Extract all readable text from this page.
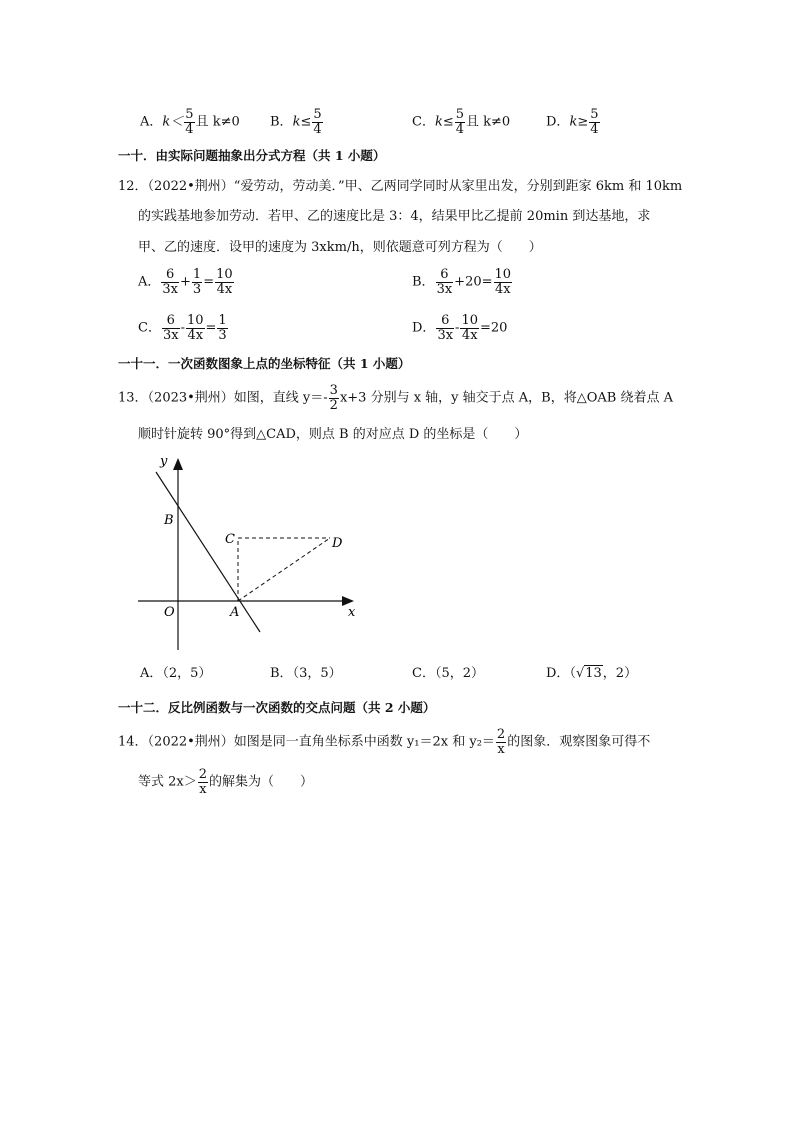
A．$k< \frac{5}{4}$ 且 k≠0 B．$k\le \frac{5}{4}$	C．$k\le \frac{5}{4}$ 且 k≠0	D．$k\ge \frac{5}{4}$
一十．由实际问题抽象出分式方程（共 1 小题）
12．（2022•荆州）“爱劳动，劳动美．”甲、乙两同学同时从家里出发，分别到距家 6km 和 10km
的实践基地参加劳动．若甲、乙的速度比是 3：4，结果甲比乙提前 20min 到达基地，求
甲、乙的速度．设甲的速度为 3xkm/h，则依题意可列方程为（　　）
A． $\frac{6}{3x} + \frac{1}{3} = \frac{10}{4x}$	B． $\frac{6}{3x} +20= \frac{10}{4x}$
C． $\frac{6}{3x} - \frac{10}{4x} = \frac{1}{3}$	D． $\frac{6}{3x} - \frac{10}{4x} =20$
一十一．一次函数图象上点的坐标特征（共 1 小题）
13．（2023•荆州）如图，直线 $y=- \frac{3}{2} x+3$ 分别与 x 轴，y 轴交于点 A，B，将△OAB 绕着点 A
顺时针旋转 90°得到△CAD，则点 B 的对应点 D 的坐标是（　　）
y
x
O	A
B
C	D
A．（2，5）	B．（3，5）	C．（5，2）	D．（√13，2）
一十二．反比例函数与一次函数的交点问题（共 2 小题）
14．（2022•荆州）如图是同一直角坐标系中函数 y₁＝2x 和 $y_2= \frac{2}{x}$ 的图象．观察图象可得不
等式 $2x> \frac{2}{x}$ 的解集为（　　）
